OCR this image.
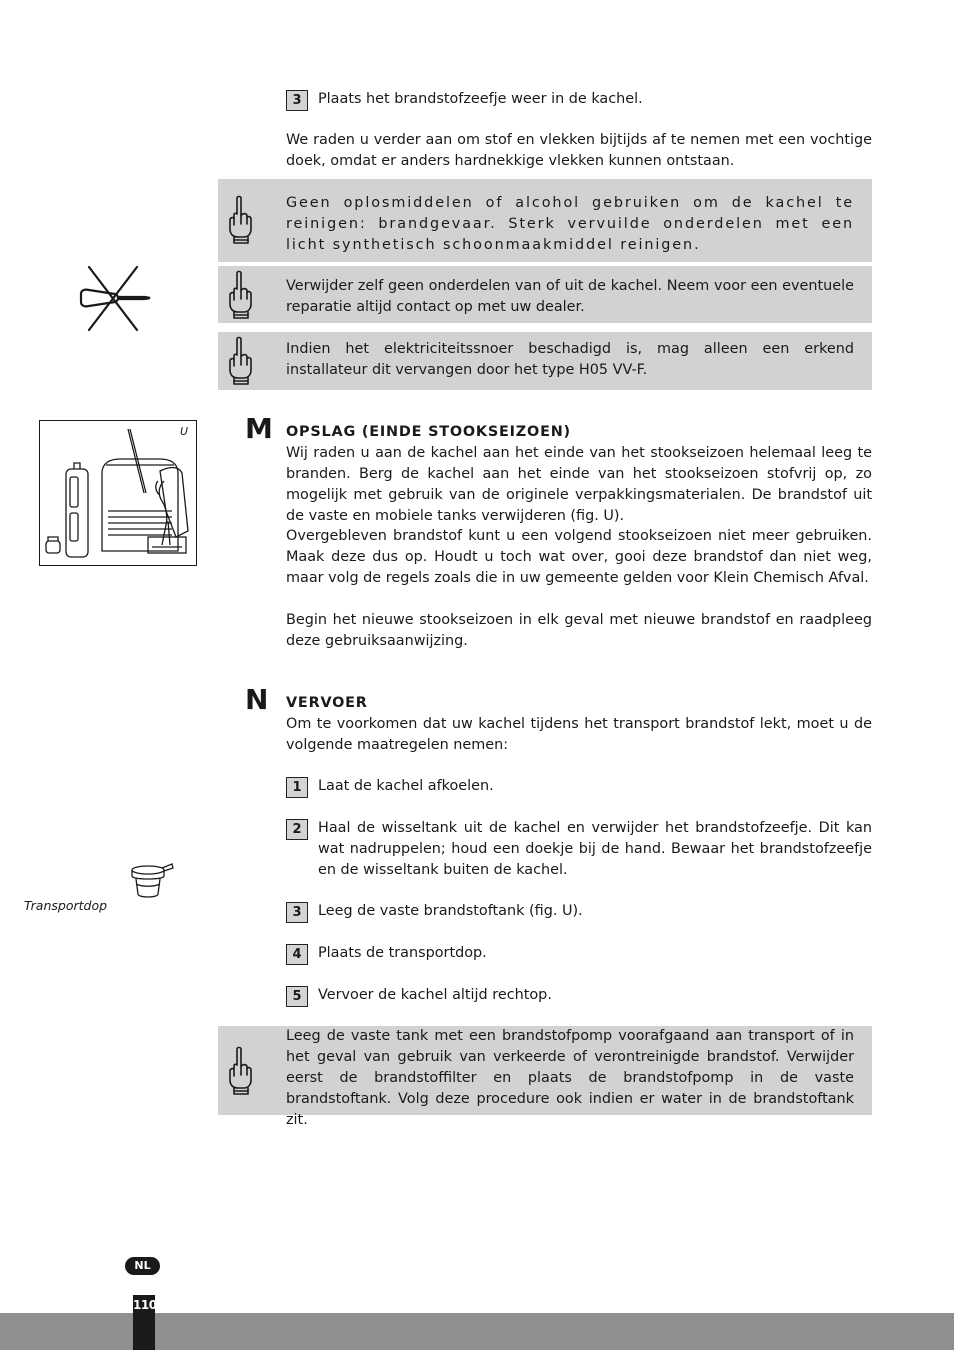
3	Plaats het brandstofzeefje weer in de kachel.

We raden u verder aan om stof en vlekken bijtijds af te nemen met een vochtige doek, omdat er anders hardnekkige vlekken kunnen ontstaan.

Geen oplosmiddelen of alcohol gebruiken om de kachel te reinigen: brandgevaar. Sterk vervuilde onderdelen met een licht synthetisch schoonmaakmiddel reinigen.

Verwijder zelf geen onderdelen van of uit de kachel. Neem voor een eventuele reparatie altijd contact op met uw dealer.

Indien het elektriciteitssnoer beschadigd is, mag alleen een erkend installateur dit vervangen door het type H05 VV-F.

M OPSLAG (EINDE STOOKSEIZOEN)

Wij raden u aan de kachel aan het einde van het stookseizoen helemaal leeg te branden. Berg de kachel aan het einde van het stookseizoen stofvrij op, zo mogelijk met gebruik van de originele verpakkingsmaterialen. De brandstof uit de vaste en mobiele tanks verwijderen (fig. U).

Overgebleven brandstof kunt u een volgend stookseizoen niet meer gebruiken. Maak deze dus op. Houdt u toch wat over, gooi deze brandstof dan niet weg, maar volg de regels zoals die in uw gemeente gelden voor Klein Chemisch Afval.

Begin het nieuwe stookseizoen in elk geval met nieuwe brandstof en raadpleeg deze gebruiksaanwijzing.

U
N VERVOER

Om te voorkomen dat uw kachel tijdens het transport brandstof lekt, moet u de volgende maatregelen nemen:

1	Laat de kachel afkoelen.

2	Haal de wisseltank uit de kachel en verwijder het brandstofzeefje. Dit kan wat nadruppelen; houd een doekje bij de hand. Bewaar het brandstofzeefje en de wisseltank buiten de kachel.

3	Leeg de vaste brandstoftank (fig. U).

4	Plaats de transportdop.

5	Vervoer de kachel altijd rechtop.

Transportdop

Leeg de vaste tank met een brandstofpomp voorafgaand aan transport of in het geval van gebruik van verkeerde of verontreinigde brandstof. Verwijder eerst de brandstoffilter en plaats de brandstofpomp in de vaste brandstoftank. Volg deze procedure ook indien er water in de brandstoftank zit.

NL
110
